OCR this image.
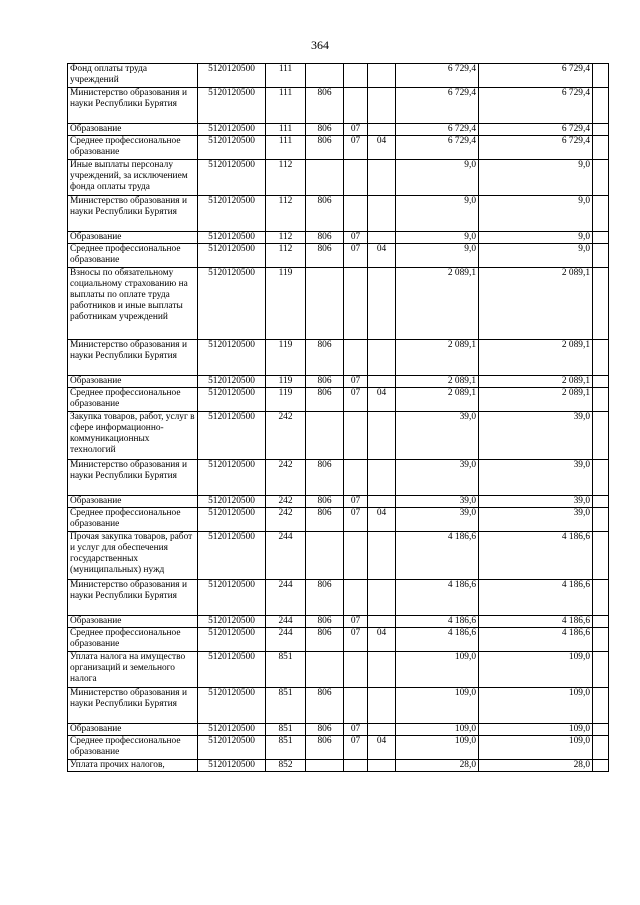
364
Фонд оплаты труда учреждений	5120120500	111				6 729,4	6 729,4	
Министерство образования и науки Республики Бурятия	5120120500	111	806			6 729,4	6 729,4	
Образование	5120120500	111	806	07		6 729,4	6 729,4	
Среднее профессиональное образование	5120120500	111	806	07	04	6 729,4	6 729,4	
Иные выплаты персоналу учреждений, за исключением фонда оплаты труда	5120120500	112				9,0	9,0	
Министерство образования и науки Республики Бурятия	5120120500	112	806			9,0	9,0	
Образование	5120120500	112	806	07		9,0	9,0	
Среднее профессиональное образование	5120120500	112	806	07	04	9,0	9,0	
Взносы по обязательному социальному страхованию на выплаты по оплате труда работников и иные выплаты работникам учреждений	5120120500	119				2 089,1	2 089,1	
Министерство образования и науки Республики Бурятия	5120120500	119	806			2 089,1	2 089,1	
Образование	5120120500	119	806	07		2 089,1	2 089,1	
Среднее профессиональное образование	5120120500	119	806	07	04	2 089,1	2 089,1	
Закупка товаров, работ, услуг в сфере информационно-коммуникационных технологий	5120120500	242				39,0	39,0	
Министерство образования и науки Республики Бурятия	5120120500	242	806			39,0	39,0	
Образование	5120120500	242	806	07		39,0	39,0	
Среднее профессиональное образование	5120120500	242	806	07	04	39,0	39,0	
Прочая закупка товаров, работ и услуг для обеспечения государственных (муниципальных) нужд	5120120500	244				4 186,6	4 186,6	
Министерство образования и науки Республики Бурятия	5120120500	244	806			4 186,6	4 186,6	
Образование	5120120500	244	806	07		4 186,6	4 186,6	
Среднее профессиональное образование	5120120500	244	806	07	04	4 186,6	4 186,6	
Уплата налога на имущество организаций и земельного налога	5120120500	851				109,0	109,0	
Министерство образования и науки Республики Бурятия	5120120500	851	806			109,0	109,0	
Образование	5120120500	851	806	07		109,0	109,0	
Среднее профессиональное образование	5120120500	851	806	07	04	109,0	109,0	
Уплата прочих налогов,	5120120500	852				28,0	28,0	
